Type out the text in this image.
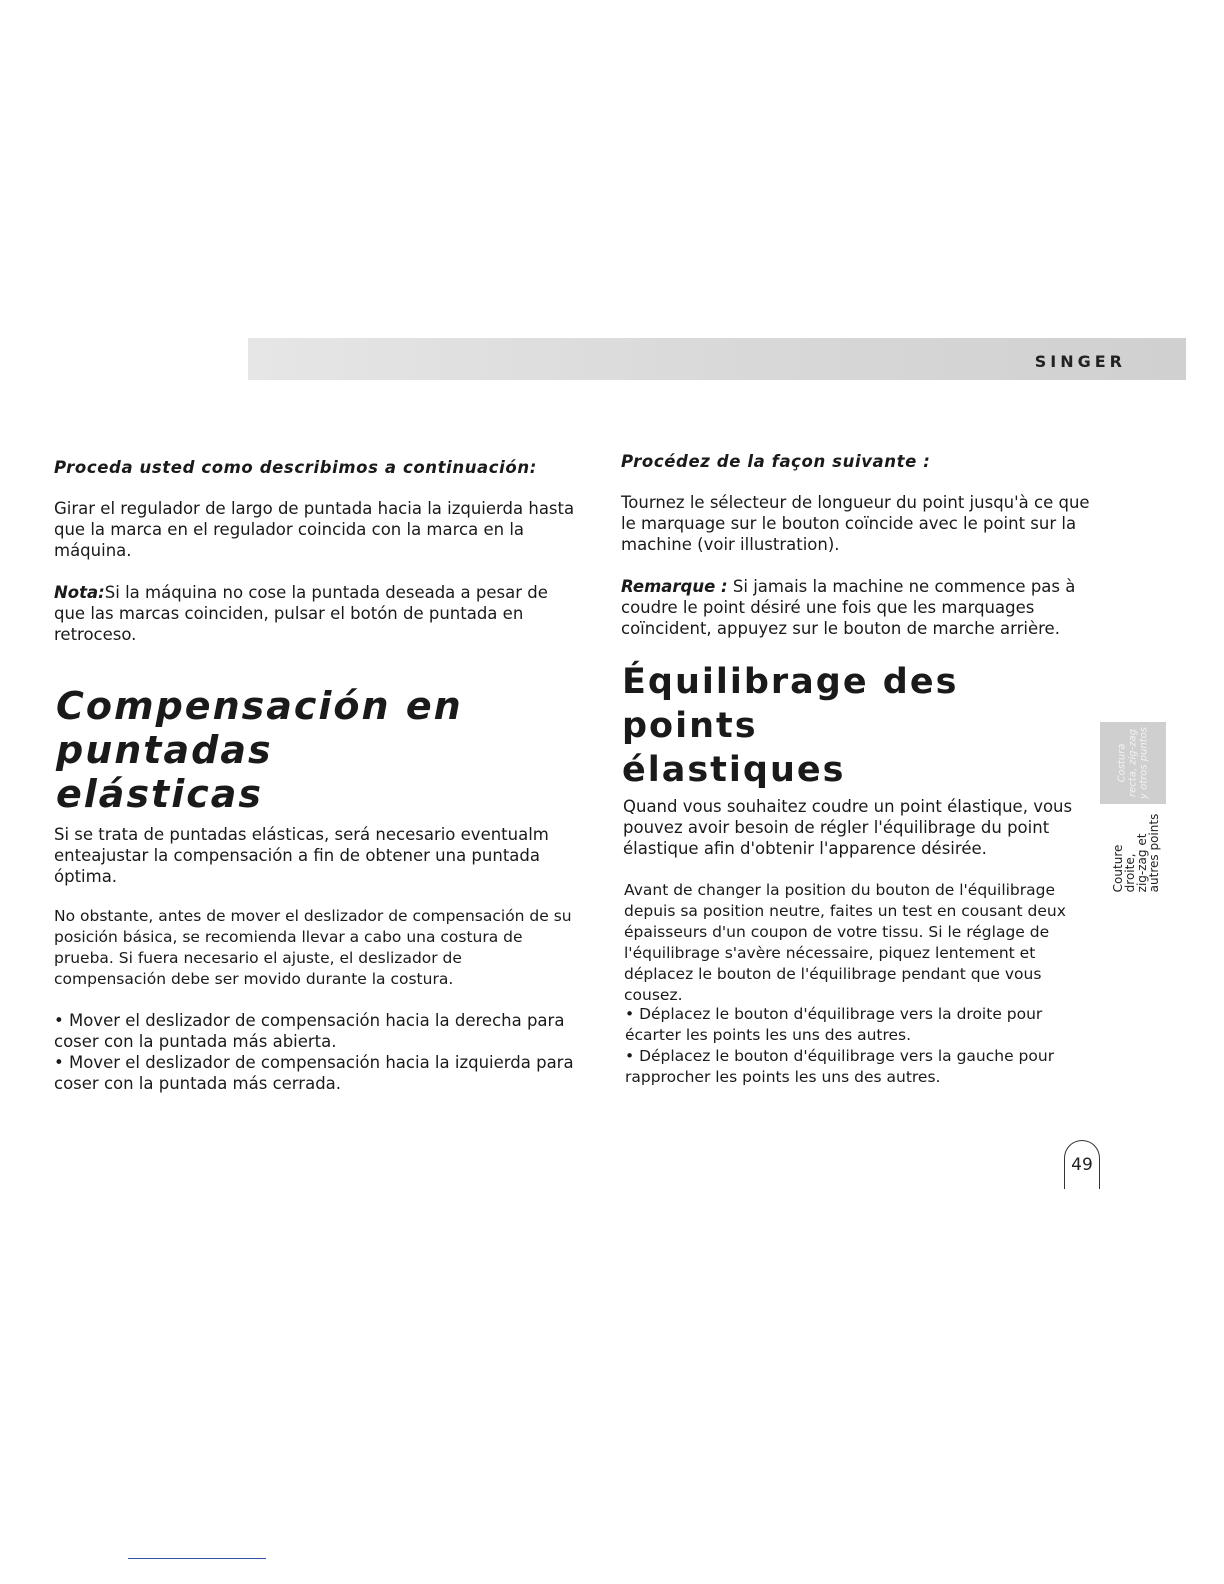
SINGER

Proceda usted como describimos a continuación:

Girar el regulador de largo de puntada hacia la izquierda hasta que la marca en el regulador coincida con la marca en la máquina.

Nota:Si la máquina no cose la puntada deseada a pesar de que las marcas coinciden, pulsar el botón de puntada en retroceso.

Compensación en puntadas
elásticas

Si se trata de puntadas elásticas, será necesario eventualm enteajustar la compensación a fin de obtener una puntada óptima.

No obstante, antes de mover el deslizador de compensación de su posición básica, se recomienda llevar a cabo una costura de prueba. Si fuera necesario el ajuste, el deslizador de compensación debe ser movido durante la costura.

• Mover el deslizador de compensación hacia la derecha para coser con la puntada más abierta.
• Mover el deslizador de compensación hacia la izquierda para coser con la puntada más cerrada.

Procédez de la façon suivante :

Tournez le sélecteur de longueur du point jusqu'à ce que le marquage sur le bouton coïncide avec le point sur la machine (voir illustration).

Remarque : Si jamais la machine ne commence pas à coudre le point désiré une fois que les marquages coïncident, appuyez sur le bouton de marche arrière.

Équilibrage des points
élastiques

Quand vous souhaitez coudre un point élastique, vous pouvez avoir besoin de régler l'équilibrage du point élastique afin d'obtenir l'apparence désirée.

Avant de changer la position du bouton de l'équilibrage depuis sa position neutre, faites un test en cousant deux épaisseurs d'un coupon de votre tissu. Si le réglage de l'équilibrage s'avère nécessaire, piquez lentement et déplacez le bouton de l'équilibrage pendant que vous cousez.

• Déplacez le bouton d'équilibrage vers la droite pour écarter les points les uns des autres.
• Déplacez le bouton d'équilibrage vers la gauche pour rapprocher les points les uns des autres.

Costura recta, zig-zag y otros puntos
Couture
droite,
zig-zag et
autres points
49
